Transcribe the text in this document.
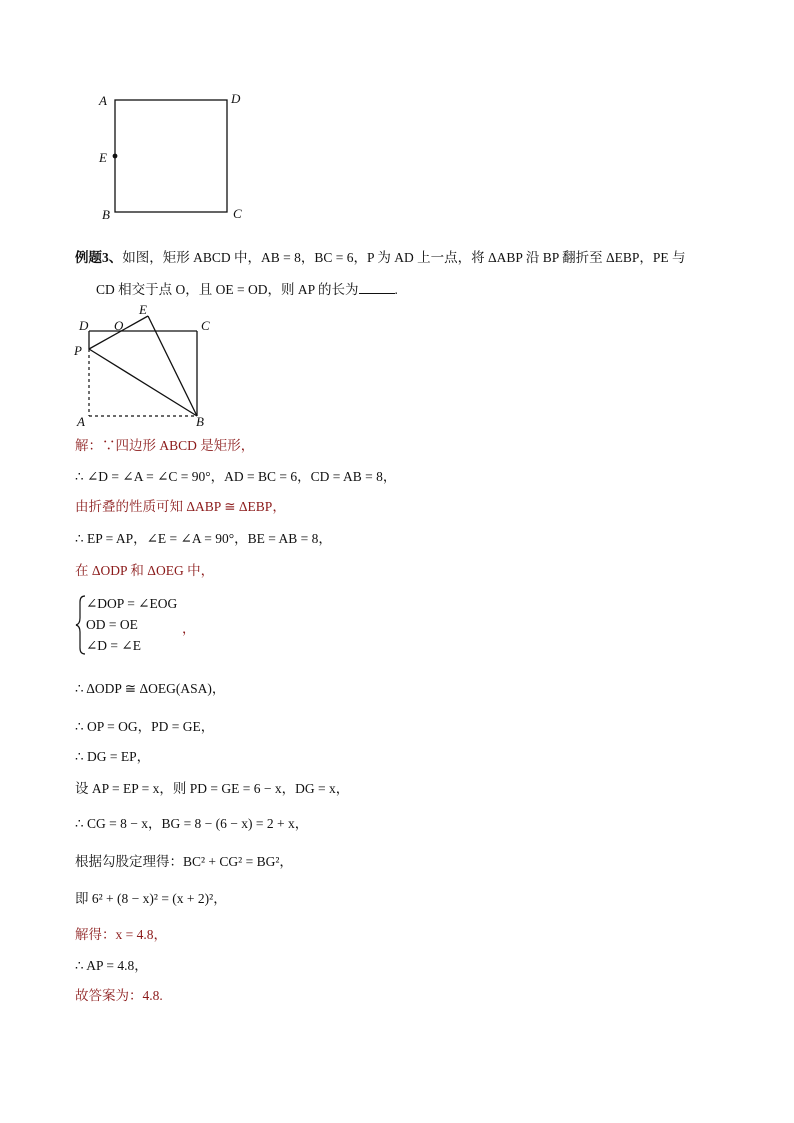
A	D
E
B	C
例题3、如图，矩形 ABCD 中，AB = 8，BC = 6，P 为 AD 上一点，将 ΔABP 沿 BP 翻折至 ΔEBP，PE 与
CD 相交于点 O，且 OE = OD，则 AP 的长为	.
D O
E
C
P
A	B
解：∵四边形 ABCD 是矩形，
∴ ∠D = ∠A = ∠C = 90°，AD = BC = 6，CD = AB = 8，
由折叠的性质可知 ΔABP ≅ ΔEBP，
∴ EP = AP，∠E = ∠A = 90°，BE = AB = 8，
在 ΔODP 和 ΔOEG 中，
∠DOP = ∠EOG
OD = OE
∠D = ∠E
，
∴ ΔODP ≅ ΔOEG(ASA)，
∴ OP = OG，PD = GE，
∴ DG = EP，
设 AP = EP = x，则 PD = GE = 6 − x，DG = x，
∴ CG = 8 − x，BG = 8 − (6 − x) = 2 + x，
根据勾股定理得：BC² + CG² = BG²，
即 6² + (8 − x)² = (x + 2)²，
解得：x = 4.8，
∴ AP = 4.8，
故答案为：4.8.
